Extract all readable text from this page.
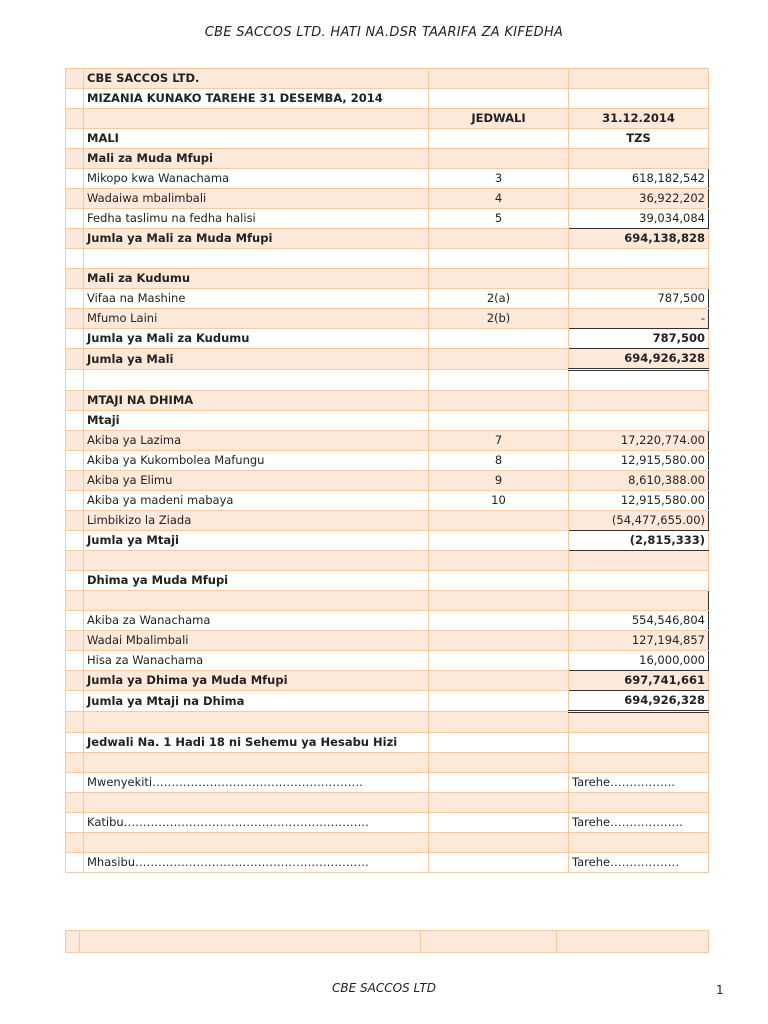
CBE SACCOS LTD. HATI NA.DSR TAARIFA ZA KIFEDHA
	CBE SACCOS LTD.		
	MIZANIA KUNAKO TAREHE 31 DESEMBA, 2014		
		JEDWALI	31.12.2014
	MALI		TZS
	Mali za Muda Mfupi		
	Mikopo kwa Wanachama	3	618,182,542
	Wadaiwa mbalimbali	4	36,922,202
	Fedha taslimu na fedha halisi	5	39,034,084
	Jumla ya Mali za Muda Mfupi		694,138,828

	Mali za Kudumu		
	Vifaa na Mashine	2(a)	787,500
	Mfumo Laini	2(b)	-
	Jumla ya Mali za Kudumu		787,500
	Jumla ya Mali		694,926,328

	MTAJI NA DHIMA		
	Mtaji		
	Akiba ya Lazima	7	17,220,774.00
	Akiba ya Kukombolea Mafungu	8	12,915,580.00
	Akiba ya Elimu	9	8,610,388.00
	Akiba ya madeni mabaya	10	12,915,580.00
	Limbikizo la Ziada		(54,477,655.00)
	Jumla ya Mtaji		(2,815,333)

	Dhima ya Muda Mfupi		

	Akiba za Wanachama		554,546,804
	Wadai Mbalimbali		127,194,857
	Hisa za Wanachama		16,000,000
	Jumla ya Dhima ya Muda Mfupi		697,741,661
	Jumla ya Mtaji na Dhima		694,926,328

	Jedwali Na. 1 Hadi 18 ni Sehemu ya Hesabu Hizi		

	Mwenyekiti……………………………………………….		Tarehe……………..

	Katibu……………………………………………………….		Tarehe……………….

	Mhasibu…………………………………………………….		Tarehe………………

CBE SACCOS LTD	1
